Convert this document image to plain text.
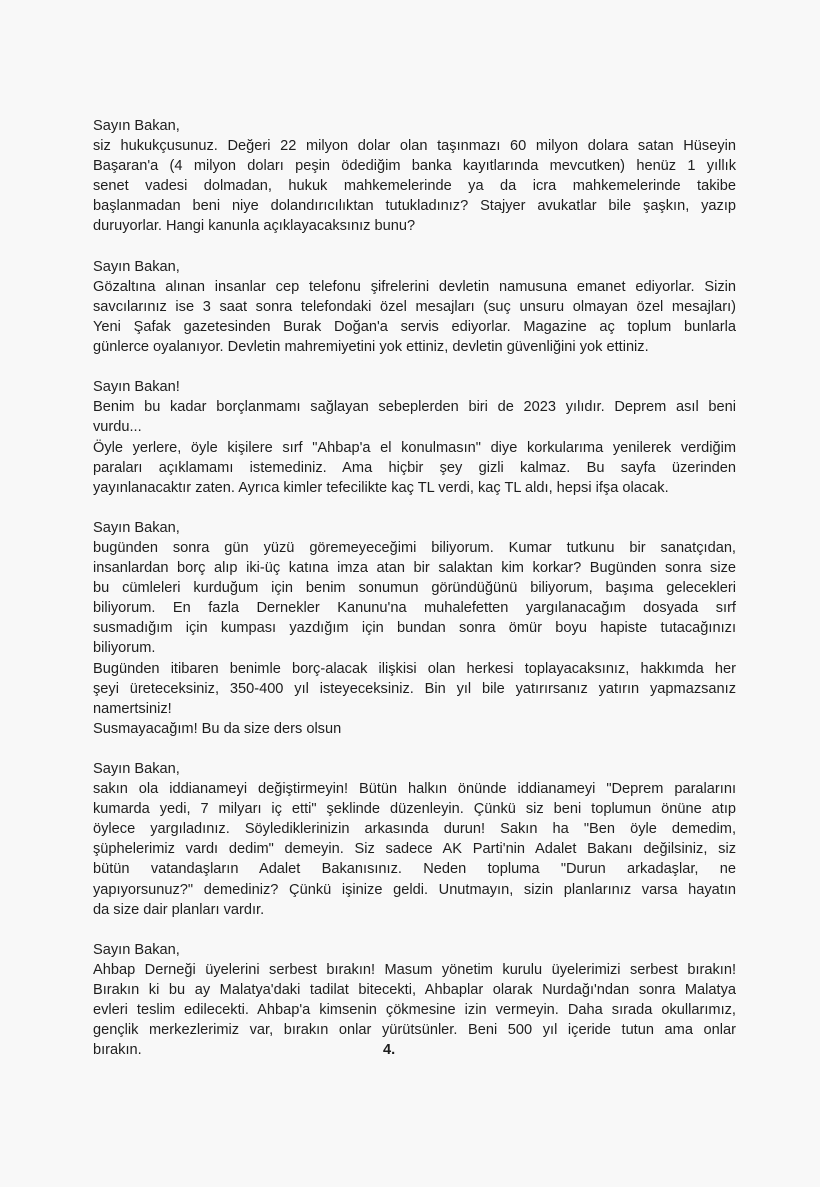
Sayın Bakan,
siz hukukçusunuz. Değeri 22 milyon dolar olan taşınmazı 60 milyon dolara satan Hüseyin
Başaran'a (4 milyon doları peşin ödediğim banka kayıtlarında mevcutken) henüz 1 yıllık
senet vadesi dolmadan, hukuk mahkemelerinde ya da icra mahkemelerinde takibe
başlanmadan beni niye dolandırıcılıktan tutukladınız? Stajyer avukatlar bile şaşkın, yazıp
duruyorlar. Hangi kanunla açıklayacaksınız bunu?
Sayın Bakan,
Gözaltına alınan insanlar cep telefonu şifrelerini devletin namusuna emanet ediyorlar. Sizin
savcılarınız ise 3 saat sonra telefondaki özel mesajları (suç unsuru olmayan özel mesajları)
Yeni Şafak gazetesinden Burak Doğan'a servis ediyorlar. Magazine aç toplum bunlarla
günlerce oyalanıyor. Devletin mahremiyetini yok ettiniz, devletin güvenliğini yok ettiniz.
Sayın Bakan!
Benim bu kadar borçlanmamı sağlayan sebeplerden biri de 2023 yılıdır. Deprem asıl beni
vurdu...
Öyle yerlere, öyle kişilere sırf "Ahbap'a el konulmasın" diye korkularıma yenilerek verdiğim
paraları açıklamamı istemediniz. Ama hiçbir şey gizli kalmaz. Bu sayfa üzerinden
yayınlanacaktır zaten. Ayrıca kimler tefecilikte kaç TL verdi, kaç TL aldı, hepsi ifşa olacak.
Sayın Bakan,
bugünden sonra gün yüzü göremeyeceğimi biliyorum. Kumar tutkunu bir sanatçıdan,
insanlardan borç alıp iki-üç katına imza atan bir salaktan kim korkar? Bugünden sonra size
bu cümleleri kurduğum için benim sonumun göründüğünü biliyorum, başıma gelecekleri
biliyorum. En fazla Dernekler Kanunu'na muhalefetten yargılanacağım dosyada sırf
susmadığım için kumpası yazdığım için bundan sonra ömür boyu hapiste tutacağınızı
biliyorum.
Bugünden itibaren benimle borç-alacak ilişkisi olan herkesi toplayacaksınız, hakkımda her
şeyi üreteceksiniz, 350-400 yıl isteyeceksiniz. Bin yıl bile yatırırsanız yatırın yapmazsanız
namertsiniz!
Susmayacağım! Bu da size ders olsun
Sayın Bakan,
sakın ola iddianameyi değiştirmeyin! Bütün halkın önünde iddianameyi "Deprem paralarını
kumarda yedi, 7 milyarı iç etti" şeklinde düzenleyin. Çünkü siz beni toplumun önüne atıp
öylece yargıladınız. Söylediklerinizin arkasında durun! Sakın ha "Ben öyle demedim,
şüphelerimiz vardı dedim" demeyin. Siz sadece AK Parti'nin Adalet Bakanı değilsiniz, siz
bütün vatandaşların Adalet Bakanısınız. Neden topluma "Durun arkadaşlar, ne
yapıyorsunuz?" demediniz? Çünkü işinize geldi. Unutmayın, sizin planlarınız varsa hayatın
da size dair planları vardır.
Sayın Bakan,
Ahbap Derneği üyelerini serbest bırakın! Masum yönetim kurulu üyelerimizi serbest bırakın!
Bırakın ki bu ay Malatya'daki tadilat bitecekti, Ahbaplar olarak Nurdağı'ndan sonra Malatya
evleri teslim edilecekti. Ahbap'a kimsenin çökmesine izin vermeyin. Daha sırada okullarımız,
gençlik merkezlerimiz var, bırakın onlar yürütsünler. Beni 500 yıl içeride tutun ama onlar
bırakın.	4.
